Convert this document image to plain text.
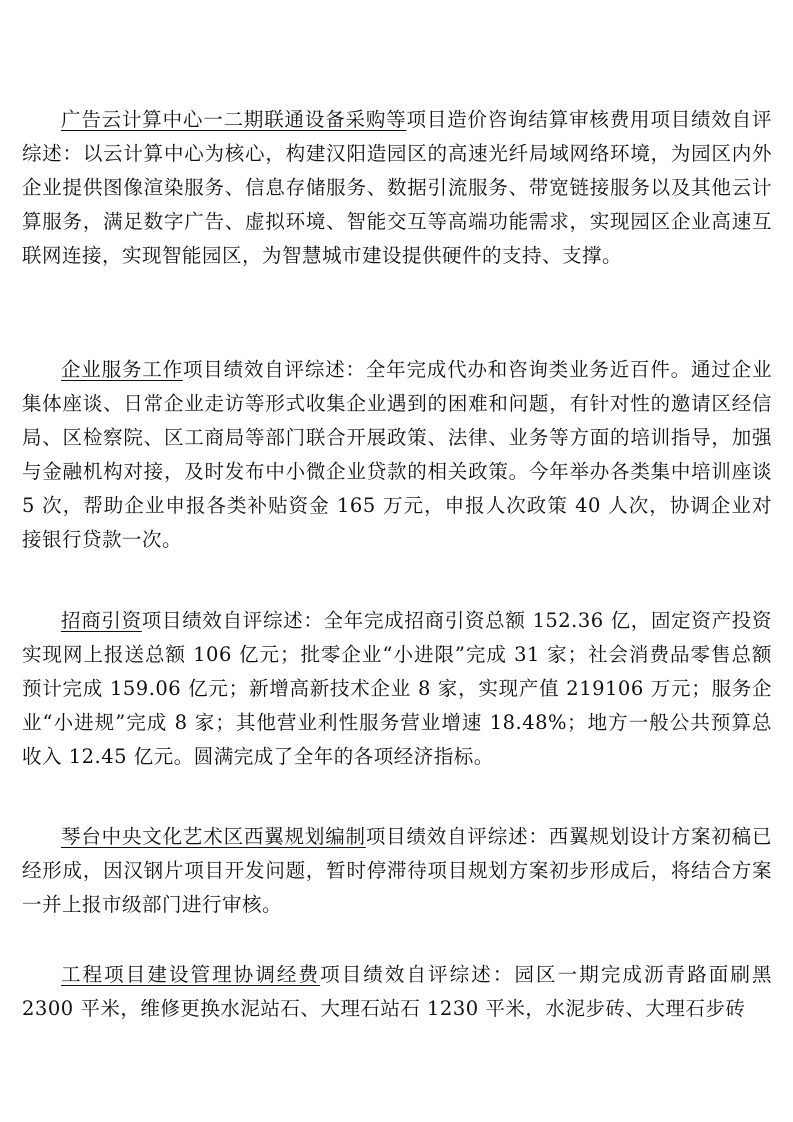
广告云计算中心一二期联通设备采购等项目造价咨询结算审核费用项目绩效自评综述：以云计算中心为核心，构建汉阳造园区的高速光纤局域网络环境，为园区内外企业提供图像渲染服务、信息存储服务、数据引流服务、带宽链接服务以及其他云计算服务，满足数字广告、虚拟环境、智能交互等高端功能需求，实现园区企业高速互联网连接，实现智能园区，为智慧城市建设提供硬件的支持、支撑。

企业服务工作项目绩效自评综述：全年完成代办和咨询类业务近百件。通过企业集体座谈、日常企业走访等形式收集企业遇到的困难和问题，有针对性的邀请区经信局、区检察院、区工商局等部门联合开展政策、法律、业务等方面的培训指导，加强与金融机构对接，及时发布中小微企业贷款的相关政策。今年举办各类集中培训座谈 5 次，帮助企业申报各类补贴资金 165 万元，申报人次政策 40 人次，协调企业对接银行贷款一次。

招商引资项目绩效自评综述：全年完成招商引资总额 152.36 亿，固定资产投资实现网上报送总额 106 亿元；批零企业“小进限”完成 31 家；社会消费品零售总额预计完成 159.06 亿元；新增高新技术企业 8 家，实现产值 219106 万元；服务企业“小进规”完成 8 家；其他营业利性服务营业增速 18.48%；地方一般公共预算总收入 12.45 亿元。圆满完成了全年的各项经济指标。

琴台中央文化艺术区西翼规划编制项目绩效自评综述：西翼规划设计方案初稿已经形成，因汉钢片项目开发问题，暂时停滞待项目规划方案初步形成后，将结合方案一并上报市级部门进行审核。

工程项目建设管理协调经费项目绩效自评综述：园区一期完成沥青路面刷黑 2300 平米，维修更换水泥站石、大理石站石 1230 平米，水泥步砖、大理石步砖
